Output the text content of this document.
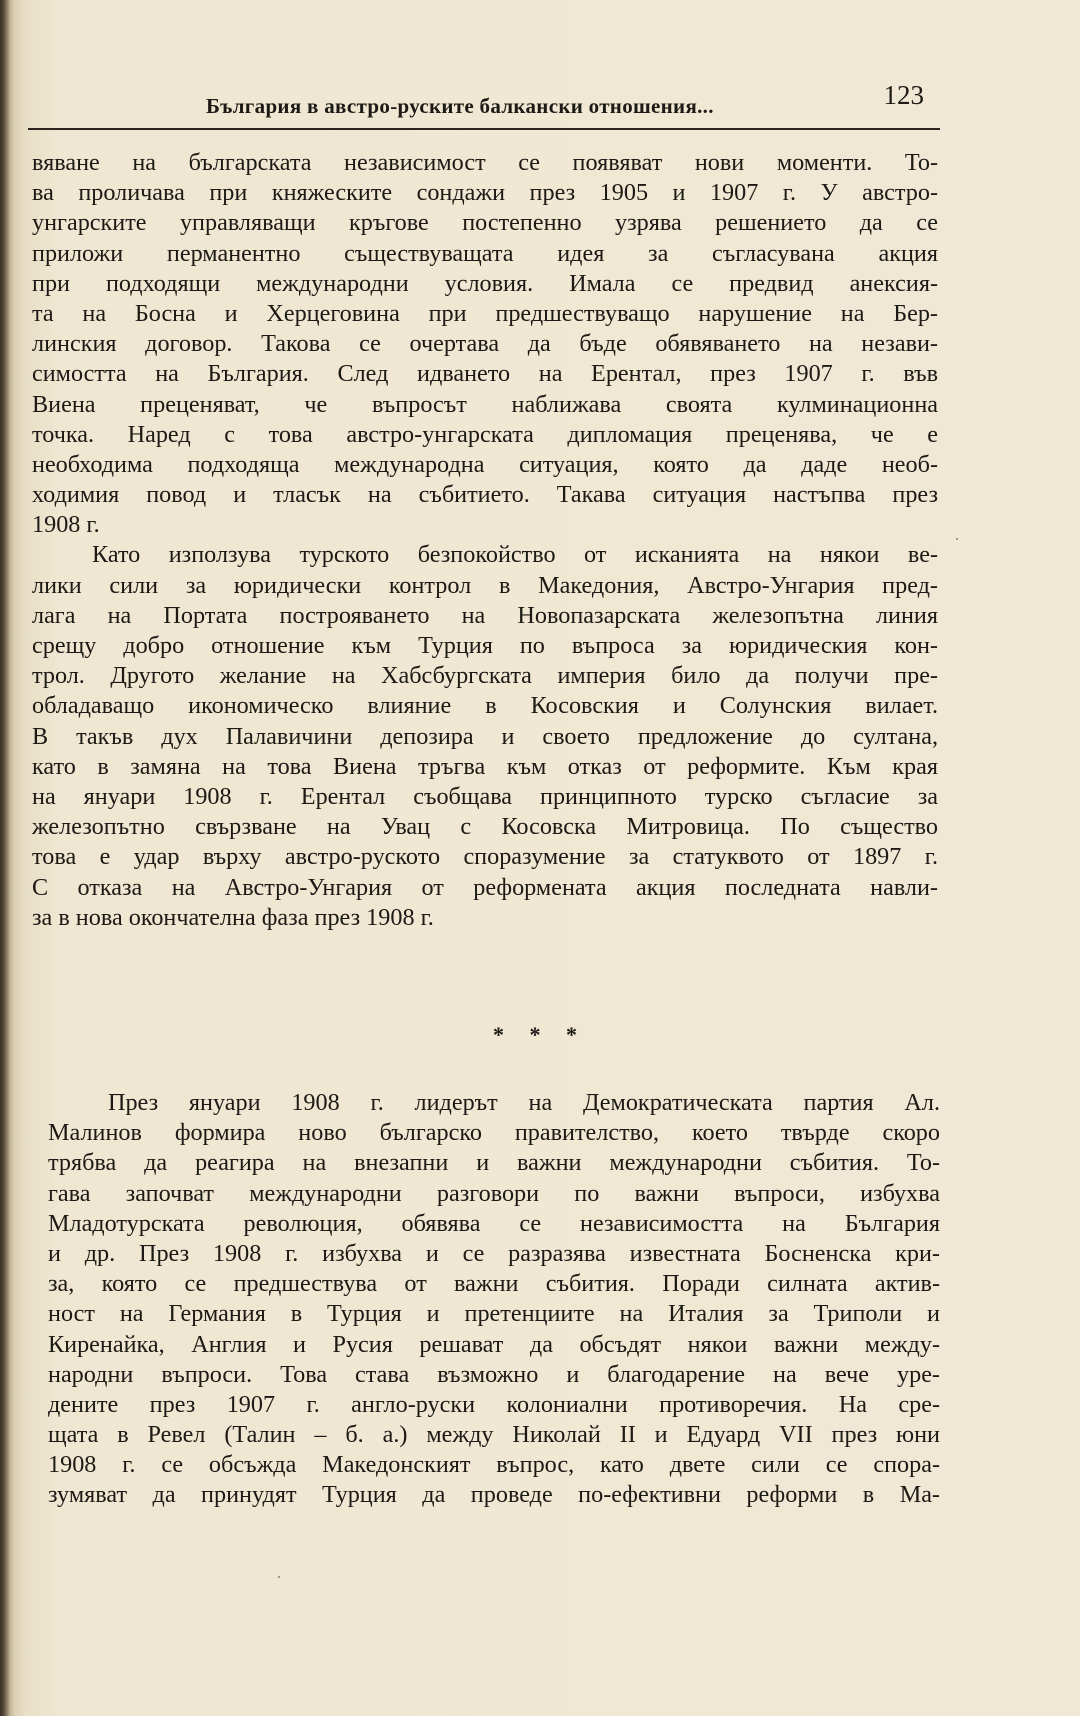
България в австро-руските балкански отношения...	123
вяване на българската независимост се появяват нови моменти. То-
ва проличава при княжеските сондажи през 1905 и 1907 г. У австро-
унгарските управляващи кръгове постепенно узрява решението да се
приложи перманентно съществуващата идея за съгласувана акция
при подходящи международни условия. Имала се предвид анексия-
та на Босна и Херцеговина при предшествуващо нарушение на Бер-
линския договор. Такова се очертава да бъде обявяването на незави-
симостта на България. След идването на Ерентал, през 1907 г. във
Виена преценяват, че въпросът наближава своята кулминационна
точка. Наред с това австро-унгарската дипломация преценява, че е
необходима подходяща международна ситуация, която да даде необ-
ходимия повод и тласък на събитието. Такава ситуация настъпва през
1908 г.
Като използува турското безпокойство от исканията на някои ве-
лики сили за юридически контрол в Македония, Австро-Унгария пред-
лага на Портата построяването на Новопазарската железопътна линия
срещу добро отношение към Турция по въпроса за юридическия кон-
трол. Другото желание на Хабсбургската империя било да получи пре-
обладаващо икономическо влияние в Косовския и Солунския вилает.
В такъв дух Палавичини депозира и своето предложение до султана,
като в замяна на това Виена тръгва към отказ от реформите. Към края
на януари 1908 г. Ерентал съобщава принципното турско съгласие за
железопътно свързване на Увац с Косовска Митровица. По същество
това е удар върху австро-руското споразумение за статуквото от 1897 г.
С отказа на Австро-Унгария от реформената акция последната навли-
за в нова окончателна фаза през 1908 г.
* * *
През януари 1908 г. лидерът на Демократическата партия Ал.
Малинов формира ново българско правителство, което твърде скоро
трябва да реагира на внезапни и важни международни събития. То-
гава започват международни разговори по важни въпроси, избухва
Младотурската революция, обявява се независимостта на България
и др. През 1908 г. избухва и се разразява известната Босненска кри-
за, която се предшествува от важни събития. Поради силната актив-
ност на Германия в Турция и претенциите на Италия за Триполи и
Киренайка, Англия и Русия решават да обсъдят някои важни между-
народни въпроси. Това става възможно и благодарение на вече уре-
дените през 1907 г. англо-руски колониални противоречия. На сре-
щата в Ревел (Талин – б. а.) между Николай II и Едуард VII през юни
1908 г. се обсъжда Македонският въпрос, като двете сили се спора-
зумяват да принудят Турция да проведе по-ефективни реформи в Ма-
